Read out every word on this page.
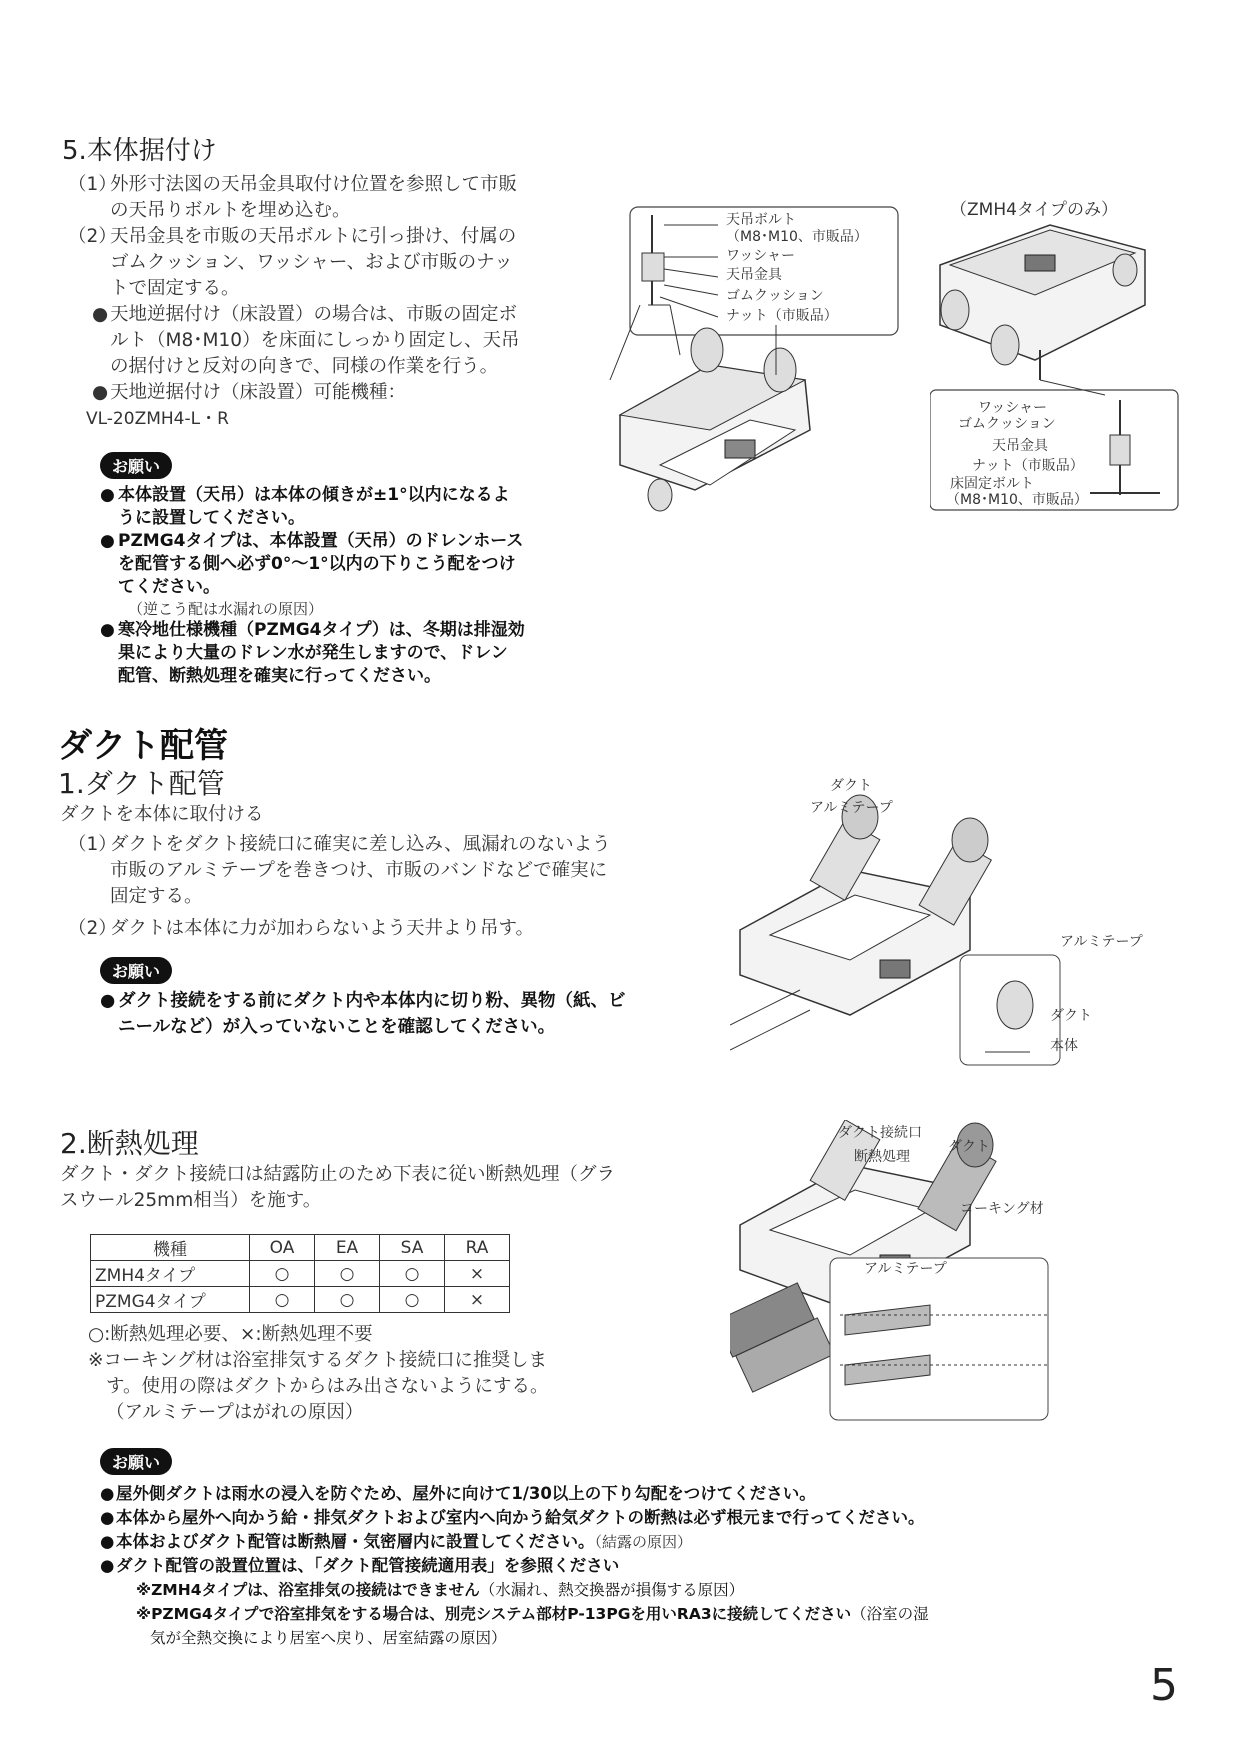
5.本体据付け
（1）
外形寸法図の天吊金具取付け位置を参照して市販
の天吊りボルトを埋め込む。
（2）
天吊金具を市販の天吊ボルトに引っ掛け、付属の
ゴムクッション、ワッシャー、および市販のナッ
トで固定する。
● 天地逆据付け（床設置）の場合は、市販の固定ボ
ルト（M8･M10）を床面にしっかり固定し、天吊
の据付けと反対の向きで、同様の作業を行う。
● 天地逆据付け（床設置）可能機種：
VL-20ZMH4-L・R
お願い
● 本体設置（天吊）は本体の傾きが±1°以内になるよ
うに設置してください。
● PZMG4タイプは、本体設置（天吊）のドレンホース
を配管する側へ必ず0°～1°以内の下りこう配をつけ
てください。
（逆こう配は水漏れの原因）
● 寒冷地仕様機種（PZMG4タイプ）は、冬期は排湿効
果により大量のドレン水が発生しますので、ドレン
配管、断熱処理を確実に行ってください。
天吊ボルト
（M8･M10、市販品）
ワッシャー
天吊金具
ゴムクッション
ナット（市販品）
（ZMH4タイプのみ）
ワッシャー
ゴムクッション
天吊金具
ナット（市販品）
床固定ボルト
（M8･M10、市販品）
ダクト配管
1.ダクト配管
ダクトを本体に取付ける
（1）
ダクトをダクト接続口に確実に差し込み、風漏れのないよう
市販のアルミテープを巻きつけ、市販のバンドなどで確実に
固定する。
（2）
ダクトは本体に力が加わらないよう天井より吊す。
お願い
● ダクト接続をする前にダクト内や本体内に切り粉、異物（紙、ビ
ニールなど）が入っていないことを確認してください。
ダクト
アルミテープ
アルミテープ
ダクト
本体
2.断熱処理
ダクト・ダクト接続口は結露防止のため下表に従い断熱処理（グラ
スウール25mm相当）を施す。
機種	OA	EA	SA	RA
ZMH4タイプ	○	○	○	×
PZMG4タイプ	○	○	○	×
○:断熱処理必要、×:断熱処理不要
※コーキング材は浴室排気するダクト接続口に推奨しま
す。使用の際はダクトからはみ出さないようにする。
（アルミテープはがれの原因）
ダクト接続口
断熱処理
ダクト
コーキング材
アルミテープ
お願い
● 屋外側ダクトは雨水の浸入を防ぐため、屋外に向けて1/30以上の下り勾配をつけてください。
● 本体から屋外へ向かう給・排気ダクトおよび室内へ向かう給気ダクトの断熱は必ず根元まで行ってください。
● 本体およびダクト配管は断熱層・気密層内に設置してください。（結露の原因）
● ダクト配管の設置位置は、「ダクト配管接続適用表」を参照ください
※ZMH4タイプは、浴室排気の接続はできません（水漏れ、熱交換器が損傷する原因）
※PZMG4タイプで浴室排気をする場合は、別売システム部材P-13PGを用いRA3に接続してください（浴室の湿
気が全熱交換により居室へ戻り、居室結露の原因）
5
